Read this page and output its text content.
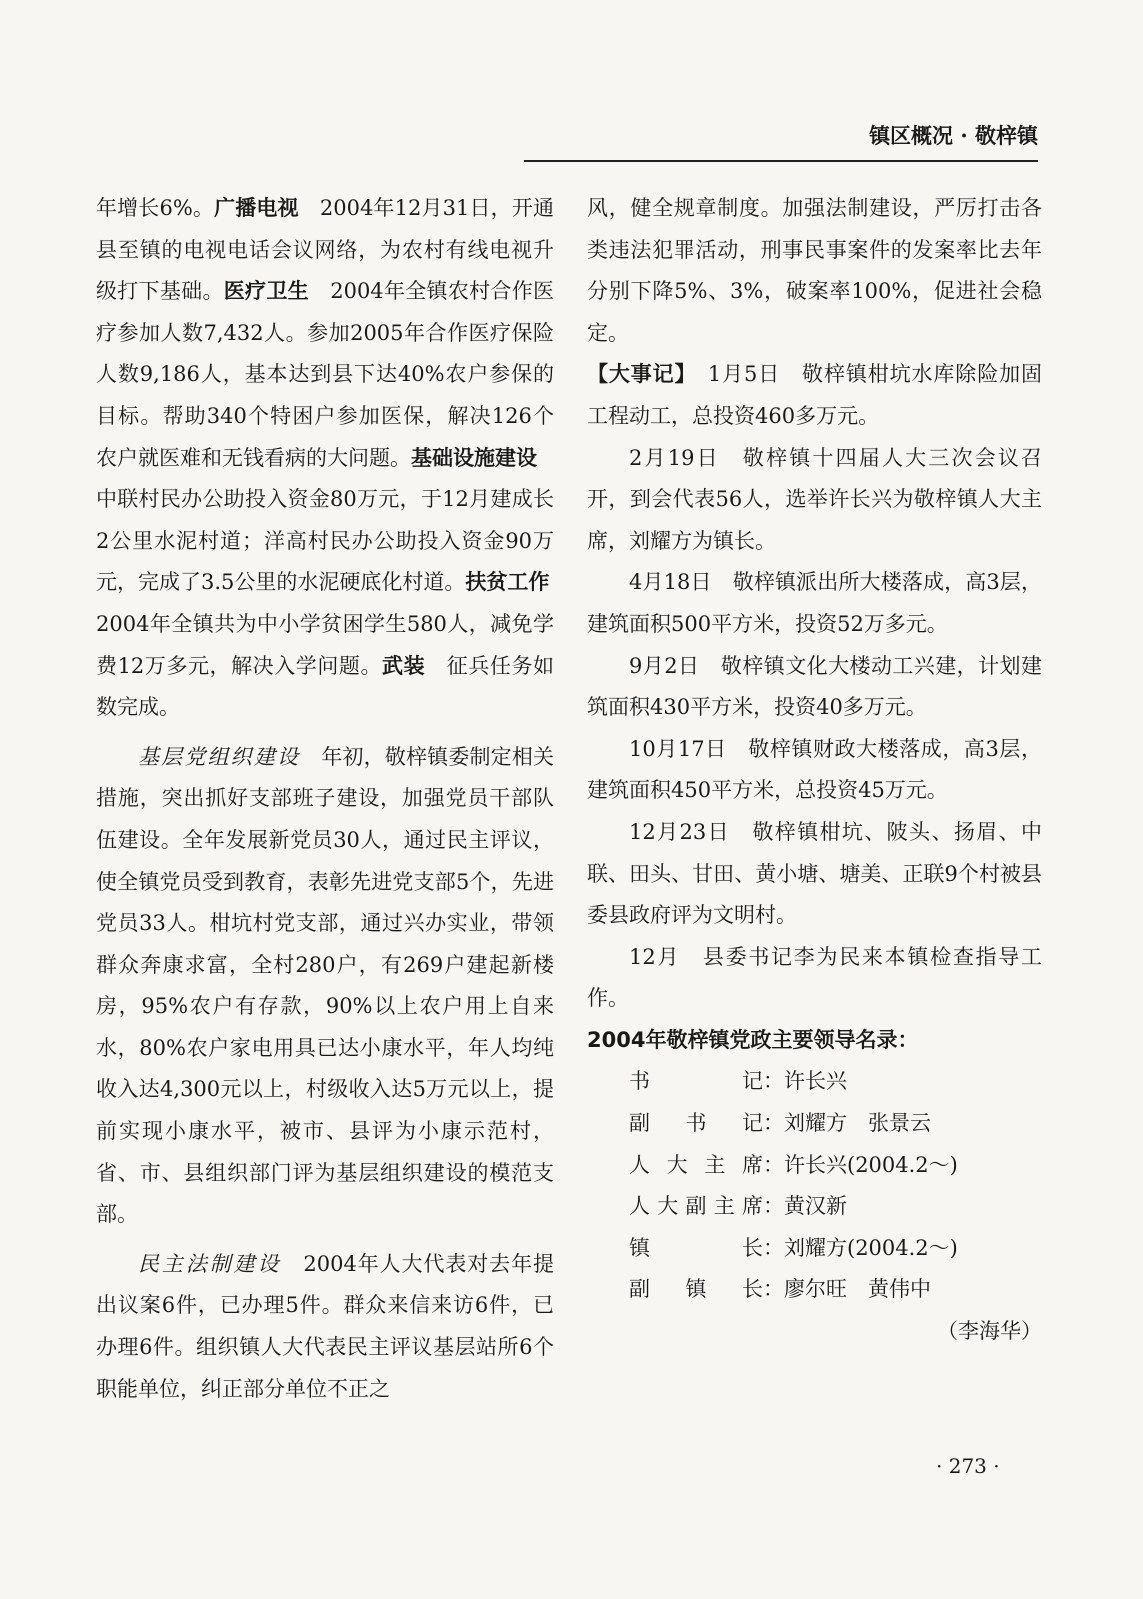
镇区概况 · 敬梓镇

年增长6%。广播电视　2004年12月31日，开通县至镇的电视电话会议网络，为农村有线电视升级打下基础。医疗卫生　2004年全镇农村合作医疗参加人数7,432人。参加2005年合作医疗保险人数9,186人，基本达到县下达40%农户参保的目标。帮助340个特困户参加医保，解决126个农户就医难和无钱看病的大问题。基础设施建设　中联村民办公助投入资金80万元，于12月建成长2公里水泥村道；洋高村民办公助投入资金90万元，完成了3.5公里的水泥硬底化村道。扶贫工作　2004年全镇共为中小学贫困学生580人，减免学费12万多元，解决入学问题。武装　征兵任务如数完成。

基层党组织建设　年初，敬梓镇委制定相关措施，突出抓好支部班子建设，加强党员干部队伍建设。全年发展新党员30人，通过民主评议，使全镇党员受到教育，表彰先进党支部5个，先进党员33人。柑坑村党支部，通过兴办实业，带领群众奔康求富，全村280户，有269户建起新楼房，95%农户有存款，90%以上农户用上自来水，80%农户家电用具已达小康水平，年人均纯收入达4,300元以上，村级收入达5万元以上，提前实现小康水平，被市、县评为小康示范村，省、市、县组织部门评为基层组织建设的模范支部。

民主法制建设　2004年人大代表对去年提出议案6件，已办理5件。群众来信来访6件，已办理6件。组织镇人大代表民主评议基层站所6个职能单位，纠正部分单位不正之

风，健全规章制度。加强法制建设，严厉打击各类违法犯罪活动，刑事民事案件的发案率比去年分别下降5%、3%，破案率100%，促进社会稳定。

【大事记】　1月5日　敬梓镇柑坑水库除险加固工程动工，总投资460多万元。

2月19日　敬梓镇十四届人大三次会议召开，到会代表56人，选举许长兴为敬梓镇人大主席，刘耀方为镇长。

4月18日　敬梓镇派出所大楼落成，高3层，建筑面积500平方米，投资52万多元。

9月2日　敬梓镇文化大楼动工兴建，计划建筑面积430平方米，投资40多万元。

10月17日　敬梓镇财政大楼落成，高3层，建筑面积450平方米，总投资45万元。

12月23日　敬梓镇柑坑、陂头、扬眉、中联、田头、甘田、黄小塘、塘美、正联9个村被县委县政府评为文明村。

12月　县委书记李为民来本镇检查指导工作。

2004年敬梓镇党政主要领导名录：

书记 ：许长兴
副书记 ：刘耀方　张景云
人大主席 ：许长兴(2004.2～)
人大副主席 ：黄汉新
镇长 ：刘耀方(2004.2～)
副镇长 ：廖尔旺　黄伟中

（李海华）

· 273 ·
